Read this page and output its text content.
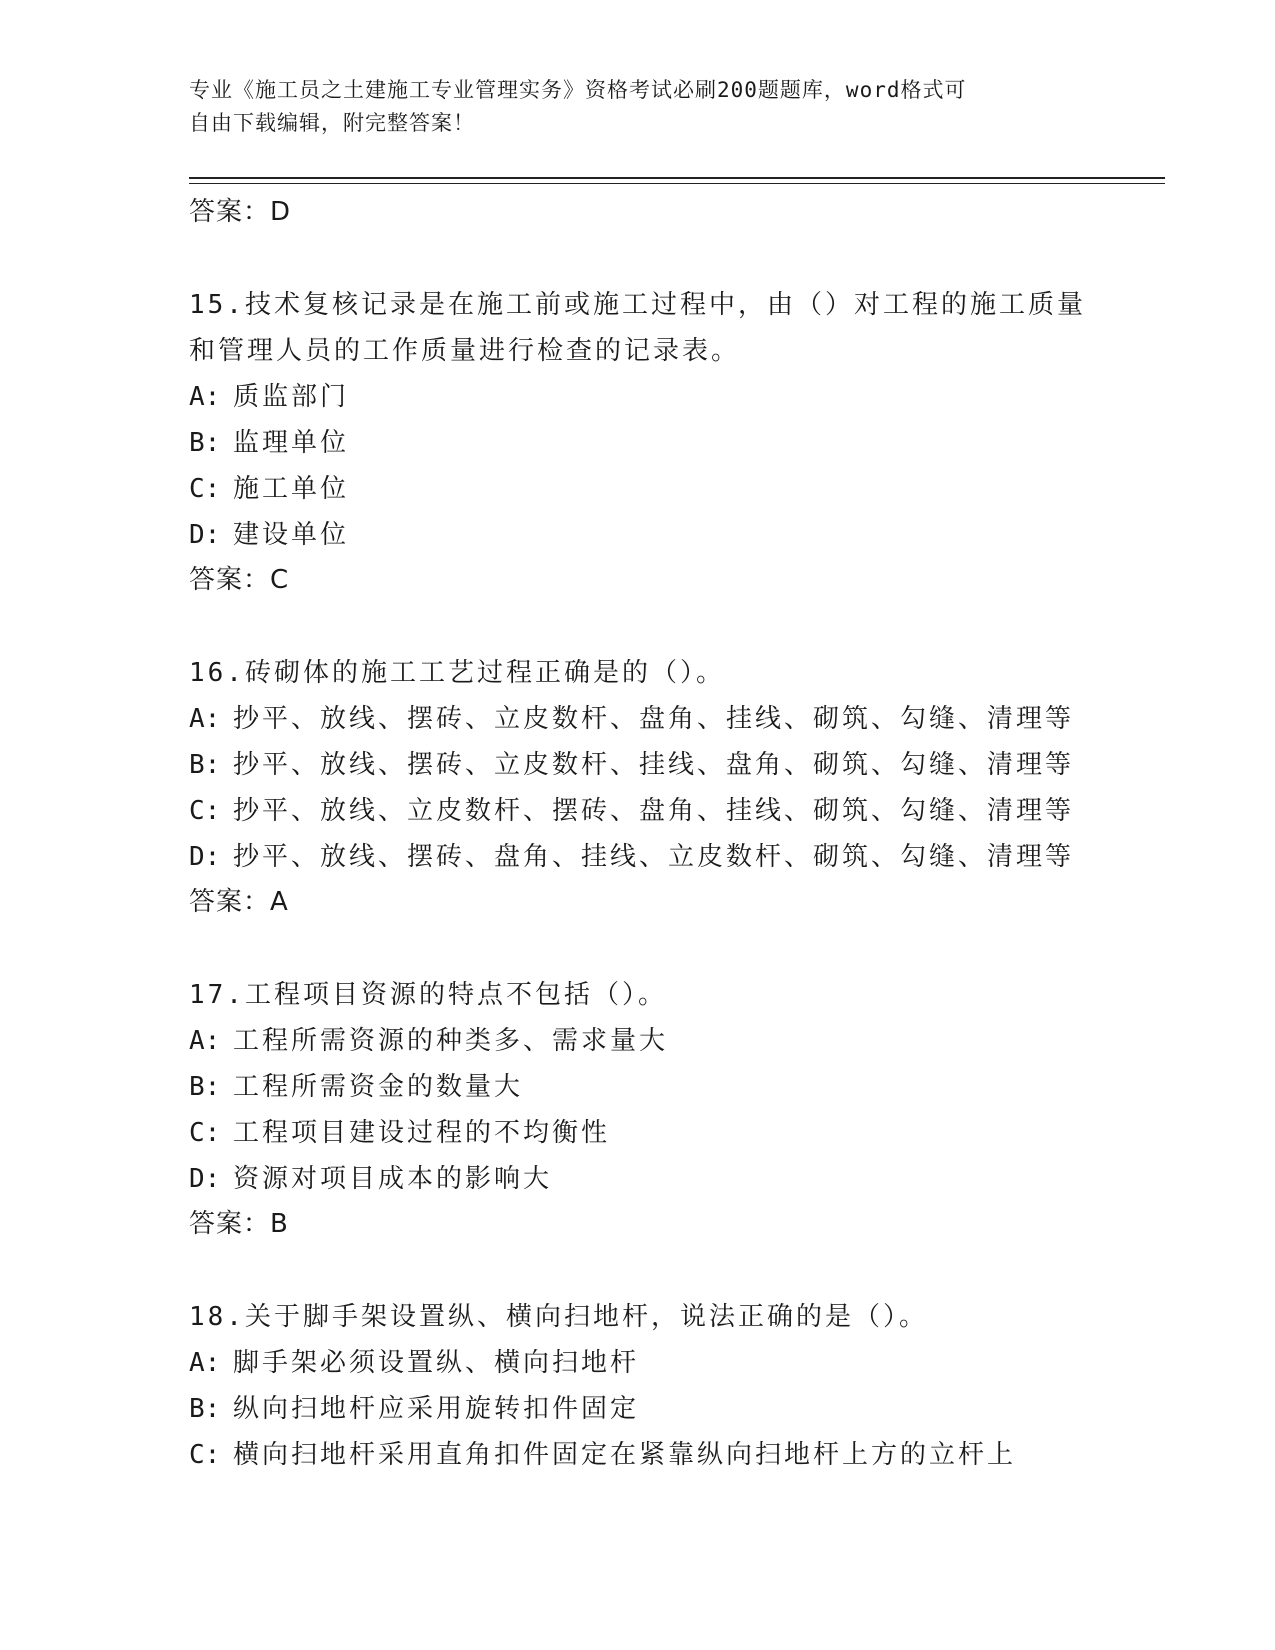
专业《施工员之土建施工专业管理实务》资格考试必刷200题题库，word格式可
自由下载编辑，附完整答案！
答案：D
15.技术复核记录是在施工前或施工过程中，由（）对工程的施工质量
和管理人员的工作质量进行检查的记录表。
A: 质监部门
B: 监理单位
C: 施工单位
D: 建设单位
答案：C
16.砖砌体的施工工艺过程正确是的（）。
A: 抄平、放线、摆砖、立皮数杆、盘角、挂线、砌筑、勾缝、清理等
B: 抄平、放线、摆砖、立皮数杆、挂线、盘角、砌筑、勾缝、清理等
C: 抄平、放线、立皮数杆、摆砖、盘角、挂线、砌筑、勾缝、清理等
D: 抄平、放线、摆砖、盘角、挂线、立皮数杆、砌筑、勾缝、清理等
答案：A
17.工程项目资源的特点不包括（）。
A: 工程所需资源的种类多、需求量大
B: 工程所需资金的数量大
C: 工程项目建设过程的不均衡性
D: 资源对项目成本的影响大
答案：B
18.关于脚手架设置纵、横向扫地杆，说法正确的是（）。
A: 脚手架必须设置纵、横向扫地杆
B: 纵向扫地杆应采用旋转扣件固定
C: 横向扫地杆采用直角扣件固定在紧靠纵向扫地杆上方的立杆上
